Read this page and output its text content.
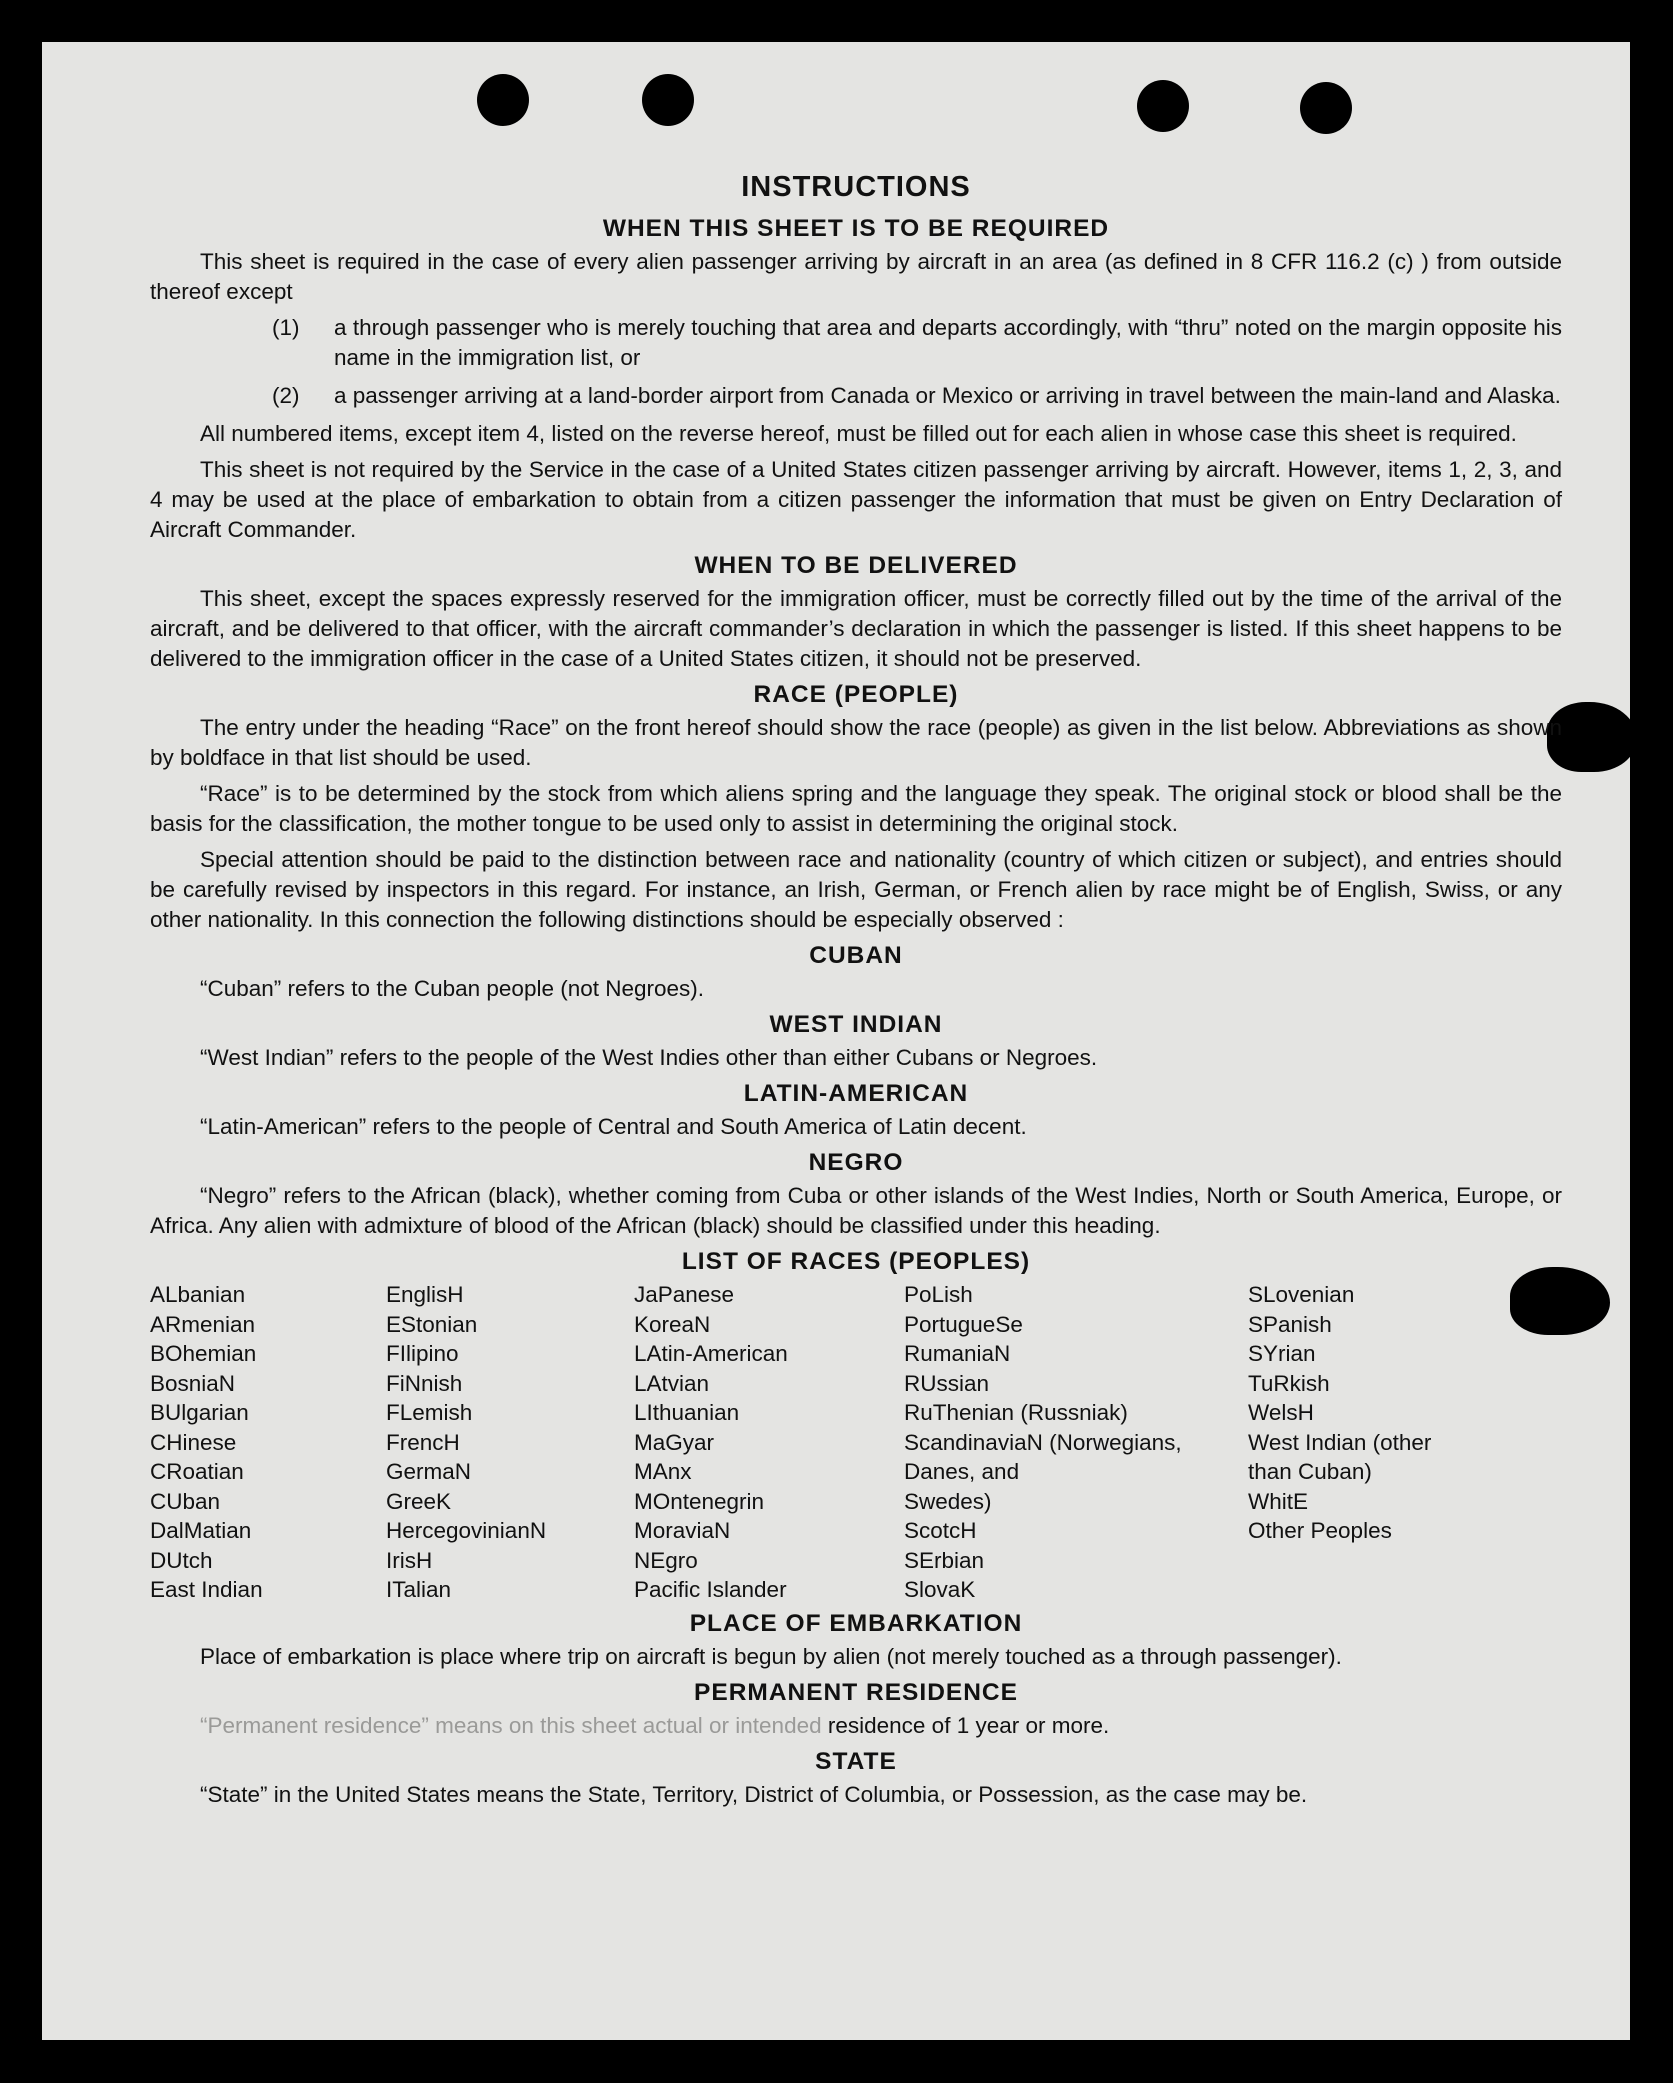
INSTRUCTIONS
WHEN THIS SHEET IS TO BE REQUIRED

This sheet is required in the case of every alien passenger arriving by aircraft in an area (as defined in 8 CFR 116.2 (c) ) from outside thereof except

(1)	a through passenger who is merely touching that area and departs accordingly, with “thru” noted on the margin opposite his name in the immigration list, or
(2)	a passenger arriving at a land-border airport from Canada or Mexico or arriving in travel between the main-land and Alaska.

All numbered items, except item 4, listed on the reverse hereof, must be filled out for each alien in whose case this sheet is required.

This sheet is not required by the Service in the case of a United States citizen passenger arriving by aircraft. However, items 1, 2, 3, and 4 may be used at the place of embarkation to obtain from a citizen passenger the information that must be given on Entry Declaration of Aircraft Commander.

WHEN TO BE DELIVERED

This sheet, except the spaces expressly reserved for the immigration officer, must be correctly filled out by the time of the arrival of the aircraft, and be delivered to that officer, with the aircraft commander’s declaration in which the passenger is listed. If this sheet happens to be delivered to the immigration officer in the case of a United States citizen, it should not be preserved.

RACE (PEOPLE)

The entry under the heading “Race” on the front hereof should show the race (people) as given in the list below. Abbreviations as shown by boldface in that list should be used.

“Race” is to be determined by the stock from which aliens spring and the language they speak. The original stock or blood shall be the basis for the classification, the mother tongue to be used only to assist in determining the original stock.

Special attention should be paid to the distinction between race and nationality (country of which citizen or subject), and entries should be carefully revised by inspectors in this regard. For instance, an Irish, German, or French alien by race might be of English, Swiss, or any other nationality. In this connection the following distinctions should be especially observed :

CUBAN

“Cuban” refers to the Cuban people (not Negroes).

WEST INDIAN

“West Indian” refers to the people of the West Indies other than either Cubans or Negroes.

LATIN-AMERICAN

“Latin-American” refers to the people of Central and South America of Latin decent.

NEGRO

“Negro” refers to the African (black), whether coming from Cuba or other islands of the West Indies, North or South America, Europe, or Africa. Any alien with admixture of blood of the African (black) should be classified under this heading.

LIST OF RACES (PEOPLES)
ALbanian
ARmenian
BOhemian
BosniaN
BUlgarian
CHinese
CRoatian
CUban
DalMatian
DUtch
East Indian
EnglisH
EStonian
FIlipino
FiNnish
FLemish
FrencH
GermaN
GreeK
HercegovinianN
IrisH
ITalian
JaPanese
KoreaN
LAtin-American
LAtvian
LIthuanian
MaGyar
MAnx
MOntenegrin
MoraviaN
NEgro
Pacific Islander
PoLish
PortugueSe
RumaniaN
RUssian
RuThenian (Russniak)
ScandinaviaN (Norwegians,
Danes, and
Swedes)
ScotcH
SErbian
SlovaK
SLovenian
SPanish
SYrian
TuRkish
WelsH
West Indian (other
than Cuban)
WhitE
Other Peoples
PLACE OF EMBARKATION

Place of embarkation is place where trip on aircraft is begun by alien (not merely touched as a through passenger).

PERMANENT RESIDENCE

“Permanent residence” means on this sheet actual or intended residence of 1 year or more.

STATE

“State” in the United States means the State, Territory, District of Columbia, or Possession, as the case may be.
